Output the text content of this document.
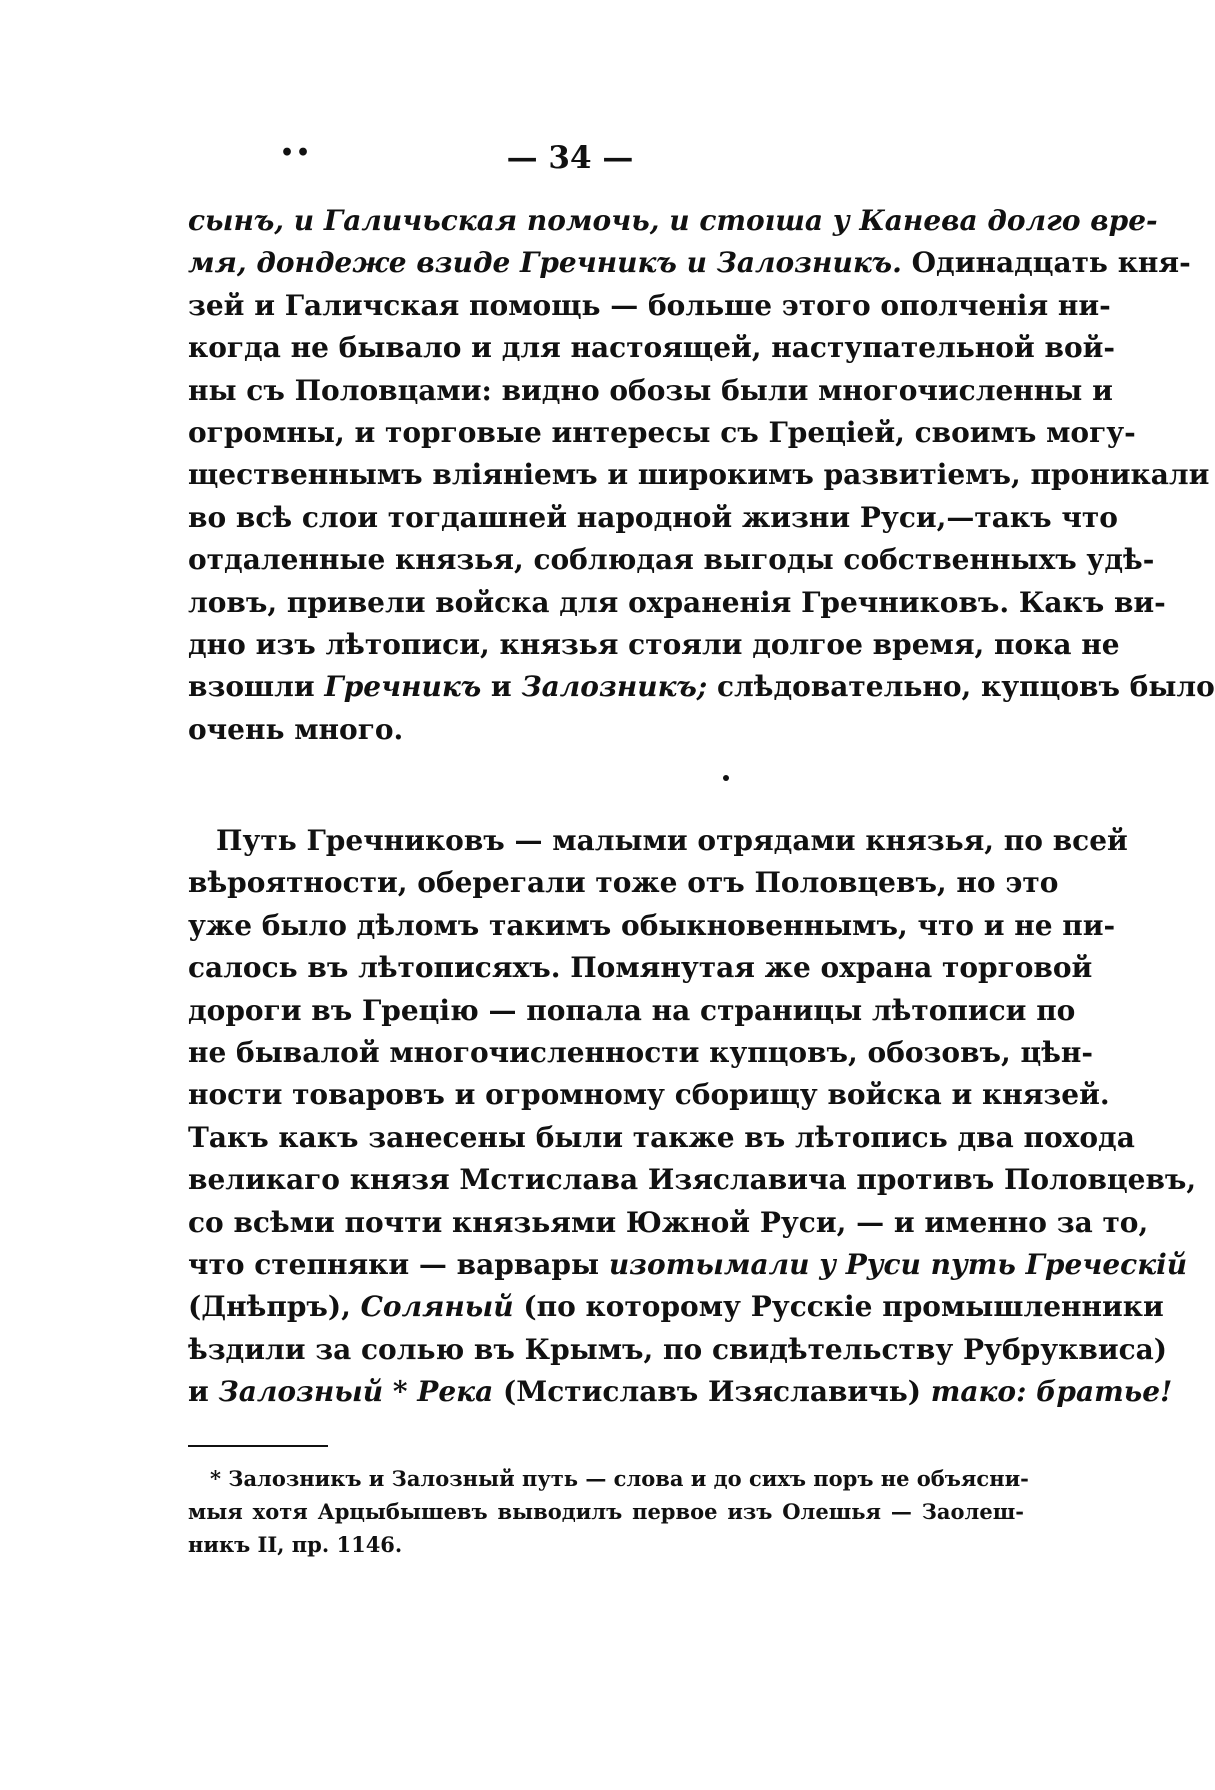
••	— 34 —
сынъ, и Галичьская помочь, и стоıша у Канева долго вре-
мя, дондеже взиде Гречникъ и Залозникъ. Одинадцать кня-
зей и Галичская помощь — больше этого ополченія ни-
когда не бывало и для настоящей, наступательной вой-
ны съ Половцами: видно обозы были многочисленны и
огромны, и торговые интересы съ Греціей, своимъ могу-
щественнымъ вліяніемъ и широкимъ развитіемъ, проникали
во всѣ слои тогдашней народной жизни Руси,—такъ что
отдаленные князья, соблюдая выгоды собственныхъ удѣ-
ловъ, привели войска для охраненія Гречниковъ. Какъ ви-
дно изъ лѣтописи, князья стояли долгое время, пока не
взошли Гречникъ и Залозникъ; слѣдовательно, купцовъ было
очень много.
Путь Гречниковъ — малыми отрядами князья, по всей
вѣроятности, оберегали тоже отъ Половцевъ, но это
уже было дѣломъ такимъ обыкновеннымъ, что и не пи-
салось въ лѣтописяхъ. Помянутая же охрана торговой
дороги въ Грецію — попала на страницы лѣтописи по
не бывалой многочисленности купцовъ, обозовъ, цѣн-
ности товаровъ и огромному сборищу войска и князей.
Такъ какъ занесены были также въ лѣтопись два похода
великаго князя Мстислава Изяславича противъ Половцевъ,
со всѣми почти князьями Южной Руси, — и именно за то,
что степняки — варвары изотымали у Руси путь Греческій
(Днѣпръ), Соляный (по которому Русскіе промышленники
ѣздили за солью въ Крымъ, по свидѣтельству Рубруквиса)
и Залозный * Река (Мстиславъ Изяславичь) тако: братье!
* Залозникъ и Залозный путь — слова и до сихъ поръ не объясни-
мыя хотя Арцыбышевъ выводилъ первое изъ Олешья — Заолеш-
никъ II, пр. 1146.
